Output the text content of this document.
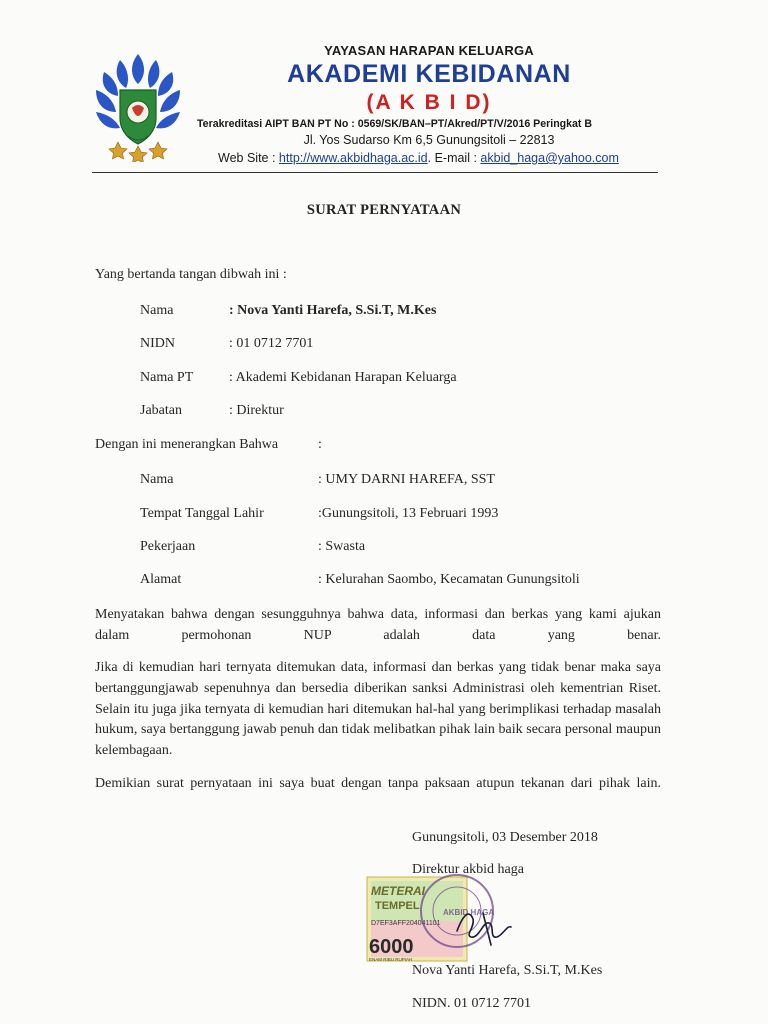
YAYASAN HARAPAN KELUARGA
AKADEMI KEBIDANAN
(A K B I D)
Terakreditasi AIPT BAN PT No : 0569/SK/BAN–PT/Akred/PT/V/2016 Peringkat B
Jl. Yos Sudarso Km 6,5 Gunungsitoli – 22813
Web Site : http://www.akbidhaga.ac.id. E-mail : akbid_haga@yahoo.com
SURAT PERNYATAAN
Yang bertanda tangan dibwah ini :
Nama	: Nova Yanti Harefa, S.Si.T, M.Kes
NIDN	: 01 0712 7701
Nama PT	: Akademi Kebidanan Harapan Keluarga
Jabatan	: Direktur
Dengan ini menerangkan Bahwa	:
Nama	: UMY DARNI HAREFA, SST
Tempat Tanggal Lahir	:Gunungsitoli, 13 Februari 1993
Pekerjaan	: Swasta
Alamat	: Kelurahan Saombo, Kecamatan Gunungsitoli
Menyatakan bahwa dengan sesungguhnya bahwa data, informasi dan berkas yang kami ajukan dalam permohonan NUP adalah data yang benar.
Jika di kemudian hari ternyata ditemukan data, informasi dan berkas yang tidak benar maka saya bertanggungjawab sepenuhnya dan bersedia diberikan sanksi Administrasi oleh kementrian Riset. Selain itu juga jika ternyata di kemudian hari ditemukan hal-hal yang berimplikasi terhadap masalah hukum, saya bertanggung jawab penuh dan tidak melibatkan pihak lain baik secara personal maupun kelembagaan.
Demikian surat pernyataan ini saya buat dengan tanpa paksaan atupun tekanan dari pihak lain.
Gunungsitoli, 03 Desember 2018
Direktur akbid haga
METERAI
TEMPEL
D7EF3AFF204041101
6000
ENAM RIBU RUPIAH
AKBID HAGA
Nova Yanti Harefa, S.Si.T, M.Kes
NIDN. 01 0712 7701
